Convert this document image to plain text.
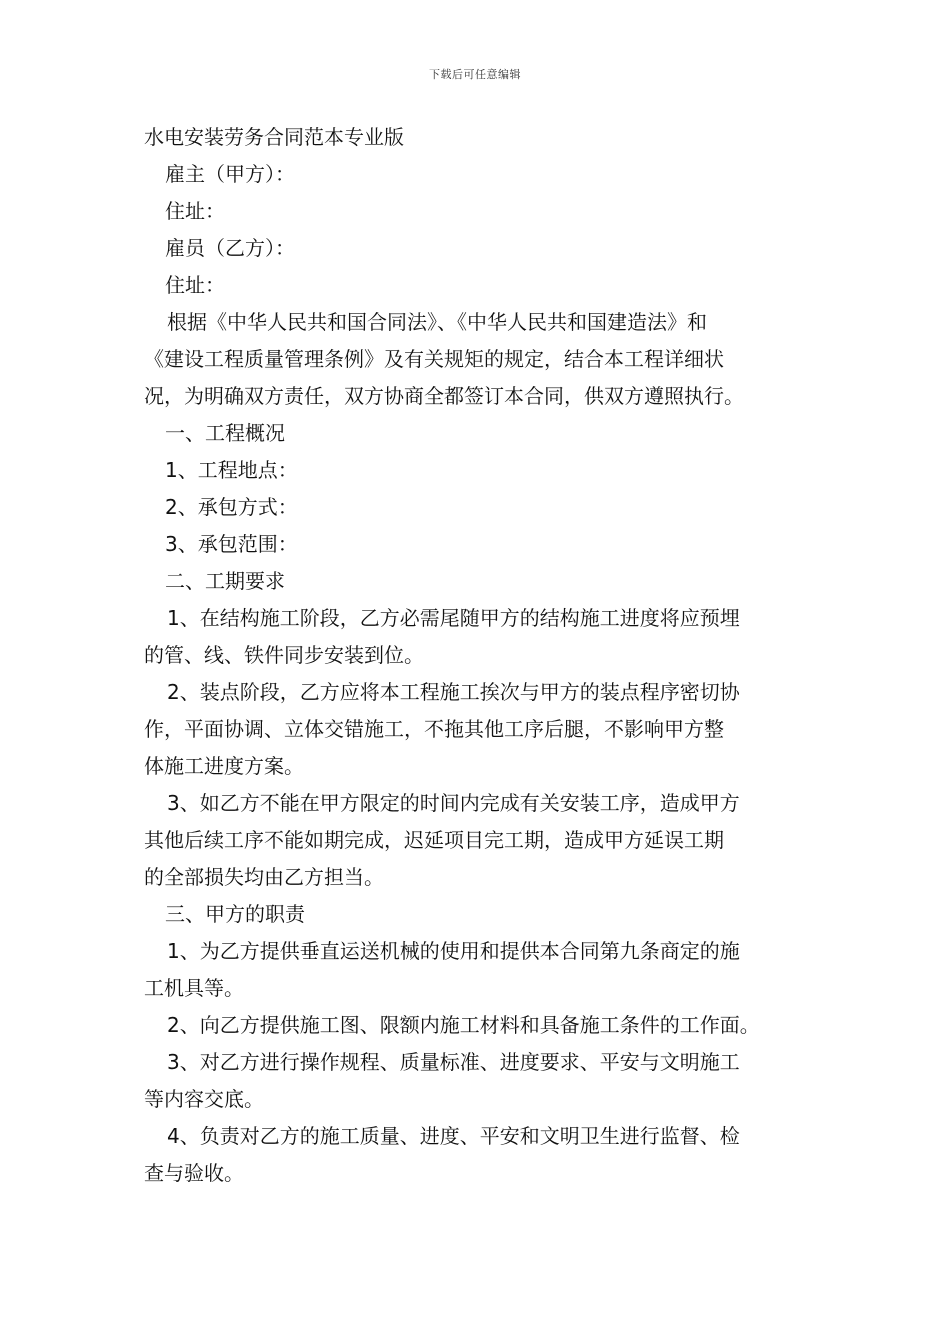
下载后可任意编辑
水电安装劳务合同范本专业版
雇主（甲方）：
住址：
雇员（乙方）：
住址：
根据《中华人民共和国合同法》、《中华人民共和国建造法》和
《建设工程质量管理条例》及有关规矩的规定，结合本工程详细状
况，为明确双方责任，双方协商全都签订本合同，供双方遵照执行。
一、工程概况
1、工程地点：
2、承包方式：
3、承包范围：
二、工期要求
1、在结构施工阶段，乙方必需尾随甲方的结构施工进度将应预埋
的管、线、铁件同步安装到位。
2、装点阶段，乙方应将本工程施工挨次与甲方的装点程序密切协
作，平面协调、立体交错施工，不拖其他工序后腿，不影响甲方整
体施工进度方案。
3、如乙方不能在甲方限定的时间内完成有关安装工序，造成甲方
其他后续工序不能如期完成，迟延项目完工期，造成甲方延误工期
的全部损失均由乙方担当。
三、甲方的职责
1、为乙方提供垂直运送机械的使用和提供本合同第九条商定的施
工机具等。
2、向乙方提供施工图、限额内施工材料和具备施工条件的工作面。
3、对乙方进行操作规程、质量标准、进度要求、平安与文明施工
等内容交底。
4、负责对乙方的施工质量、进度、平安和文明卫生进行监督、检
查与验收。
